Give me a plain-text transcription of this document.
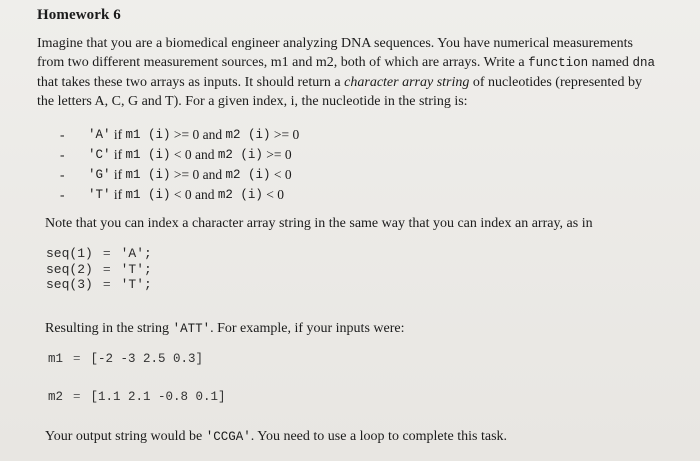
Homework 6
Imagine that you are a biomedical engineer analyzing DNA sequences. You have numerical measurements from two different measurement sources, m1 and m2, both of which are arrays. Write a function named dna that takes these two arrays as inputs. It should return a character array string of nucleotides (represented by the letters A, C, G and T). For a given index, i, the nucleotide in the string is:
-	'A'
if
m1 (i)
>= 0
and
m2 (i)
>= 0
-	'C'
if
m1 (i)
< 0
and
m2 (i)
>= 0
-	'G'
if
m1 (i)
>= 0
and
m2 (i)
< 0
-	'T'
if
m1 (i)
< 0
and
m2 (i)
< 0
Note that you can index a character array string in the same way that you can index an array, as in
seq(1) = 'A';
seq(2) = 'T';
seq(3) = 'T';
Resulting in the string 'ATT'. For example, if your inputs were:
m1 = [-2 -3 2.5 0.3]
m2 = [1.1 2.1 -0.8 0.1]
Your output string would be 'CCGA'. You need to use a loop to complete this task.
